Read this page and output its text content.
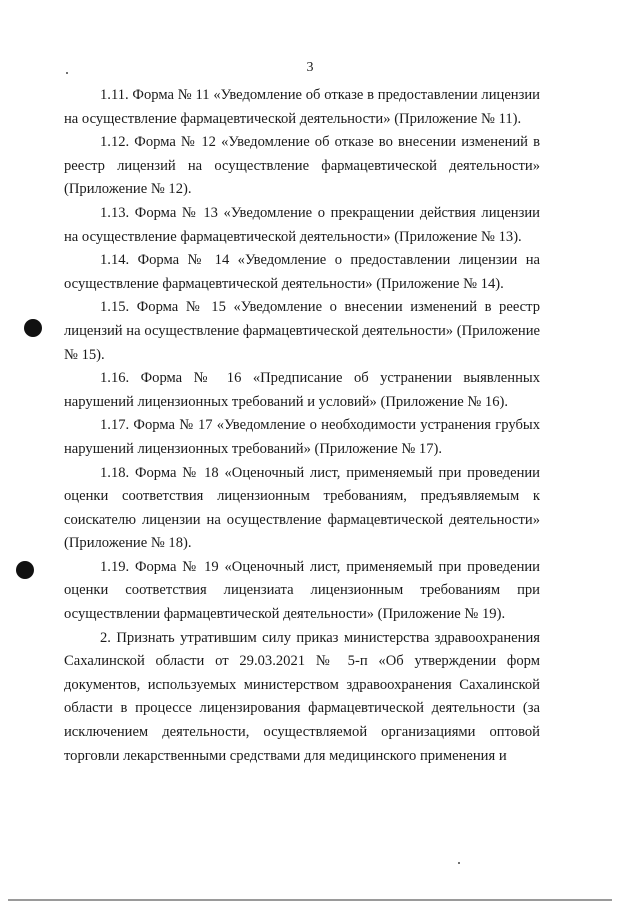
3

1.11. Форма № 11 «Уведомление об отказе в предоставлении лицензии на осуществление фармацевтической деятельности» (Приложение № 11).

1.12. Форма № 12 «Уведомление об отказе во внесении изменений в реестр лицензий на осуществление фармацевтической деятельности» (Приложение № 12).

1.13. Форма № 13 «Уведомление о прекращении действия лицензии на осуществление фармацевтической деятельности» (Приложение № 13).

1.14. Форма № 14 «Уведомление о предоставлении лицензии на осуществление фармацевтической деятельности» (Приложение № 14).

1.15. Форма № 15 «Уведомление о внесении изменений в реестр лицензий на осуществление фармацевтической деятельности» (Приложение № 15).

1.16. Форма № 16 «Предписание об устранении выявленных нарушений лицензионных требований и условий» (Приложение № 16).

1.17. Форма № 17 «Уведомление о необходимости устранения грубых нарушений лицензионных требований» (Приложение № 17).

1.18. Форма № 18 «Оценочный лист, применяемый при проведении оценки соответствия лицензионным требованиям, предъявляемым к соискателю лицензии на осуществление фармацевтической деятельности» (Приложение № 18).

1.19. Форма № 19 «Оценочный лист, применяемый при проведении оценки соответствия лицензиата лицензионным требованиям при осуществлении фармацевтической деятельности» (Приложение № 19).

2. Признать утратившим силу приказ министерства здравоохранения Сахалинской области от 29.03.2021 № 5-п «Об утверждении форм документов, используемых министерством здравоохранения Сахалинской области в процессе лицензирования фармацевтической деятельности (за исключением деятельности, осуществляемой организациями оптовой торговли лекарственными средствами для медицинского применения и
